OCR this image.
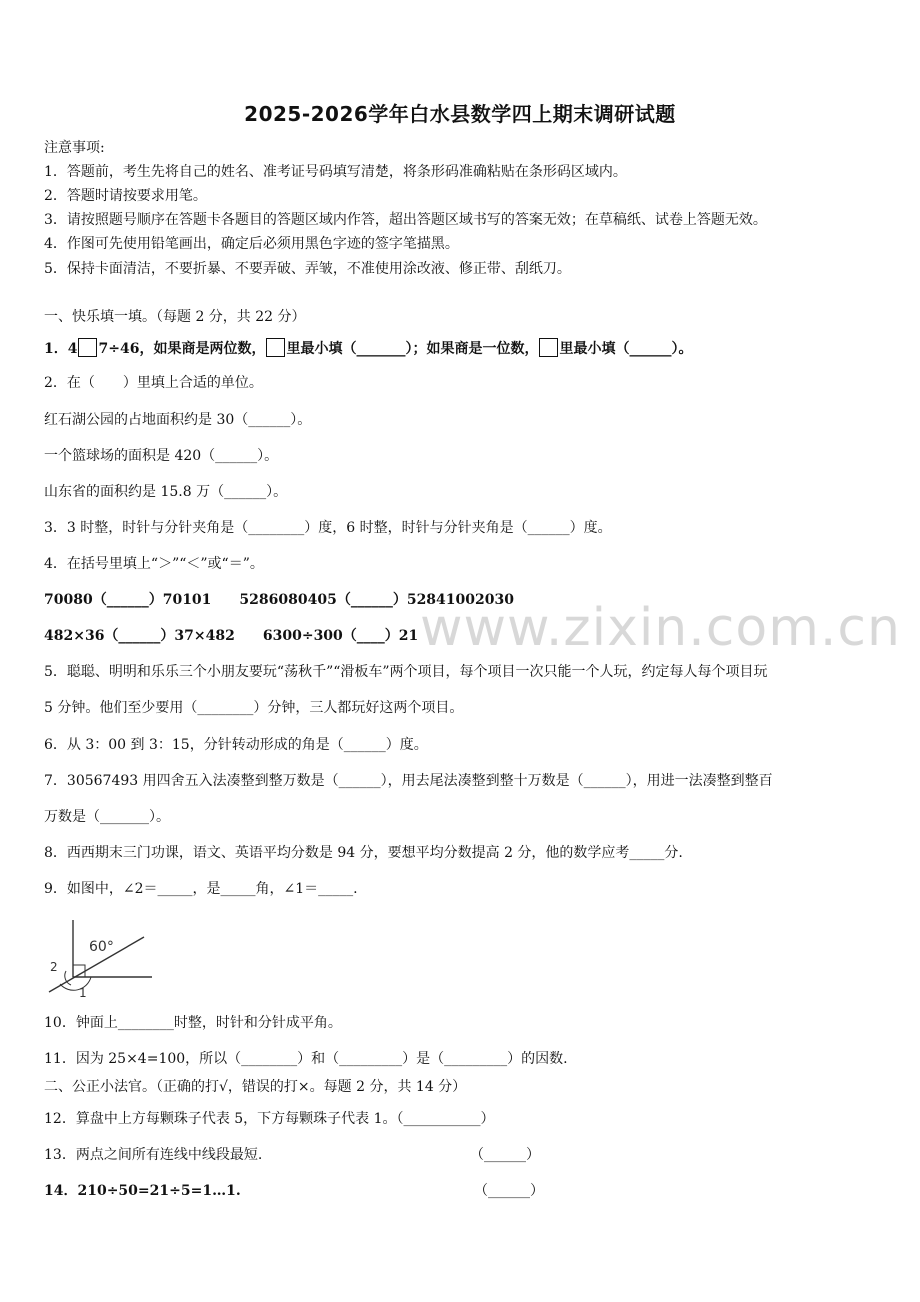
2025-2026学年白水县数学四上期末调研试题
注意事项:
1．答题前，考生先将自己的姓名、准考证号码填写清楚，将条形码准确粘贴在条形码区域内。
2．答题时请按要求用笔。
3．请按照题号顺序在答题卡各题目的答题区域内作答，超出答题区域书写的答案无效；在草稿纸、试卷上答题无效。
4．作图可先使用铅笔画出，确定后必须用黑色字迹的签字笔描黑。
5．保持卡面清洁，不要折暴、不要弄破、弄皱，不准使用涂改液、修正带、刮纸刀。
一、快乐填一填。（每题 2 分，共 22 分）
1．4 7÷46，如果商是两位数， 里最小填（_______）；如果商是一位数， 里最小填（______）。
2．在（　　）里填上合适的单位。
红石湖公园的占地面积约是 30（______）。
一个篮球场的面积是 420（______）。
山东省的面积约是 15.8 万（______）。
3．3 时整，时针与分针夹角是（________）度，6 时整，时针与分针夹角是（______）度。
4．在括号里填上“＞”“＜”或“＝”。
70080（______）70101　　5286080405（______）52841002030
482×36（______）37×482　　6300÷300（____）21
5．聪聪、明明和乐乐三个小朋友要玩“荡秋千”“滑板车”两个项目，每个项目一次只能一个人玩，约定每人每个项目玩
5 分钟。他们至少要用（________）分钟，三人都玩好这两个项目。
6．从 3：00 到 3：15，分针转动形成的角是（______）度。
7．30567493 用四舍五入法凑整到整万数是（______），用去尾法凑整到整十万数是（______），用进一法凑整到整百
万数是（_______）。
8．西西期末三门功课，语文、英语平均分数是 94 分，要想平均分数提高 2 分，他的数学应考_____分.
9．如图中，∠2＝_____，是_____角，∠1＝_____.
60°
2
1
10．钟面上________时整，时针和分针成平角。
11．因为 25×4=100，所以（________）和（_________）是（_________）的因数.
二、公正小法官。（正确的打√，错误的打×。每题 2 分，共 14 分）
12．算盘中上方每颗珠子代表 5，下方每颗珠子代表 1。（___________）
13．两点之间所有连线中线段最短.	（______）
14．210÷50=21÷5=1…1.	（______）
www.zixin.com.cn
